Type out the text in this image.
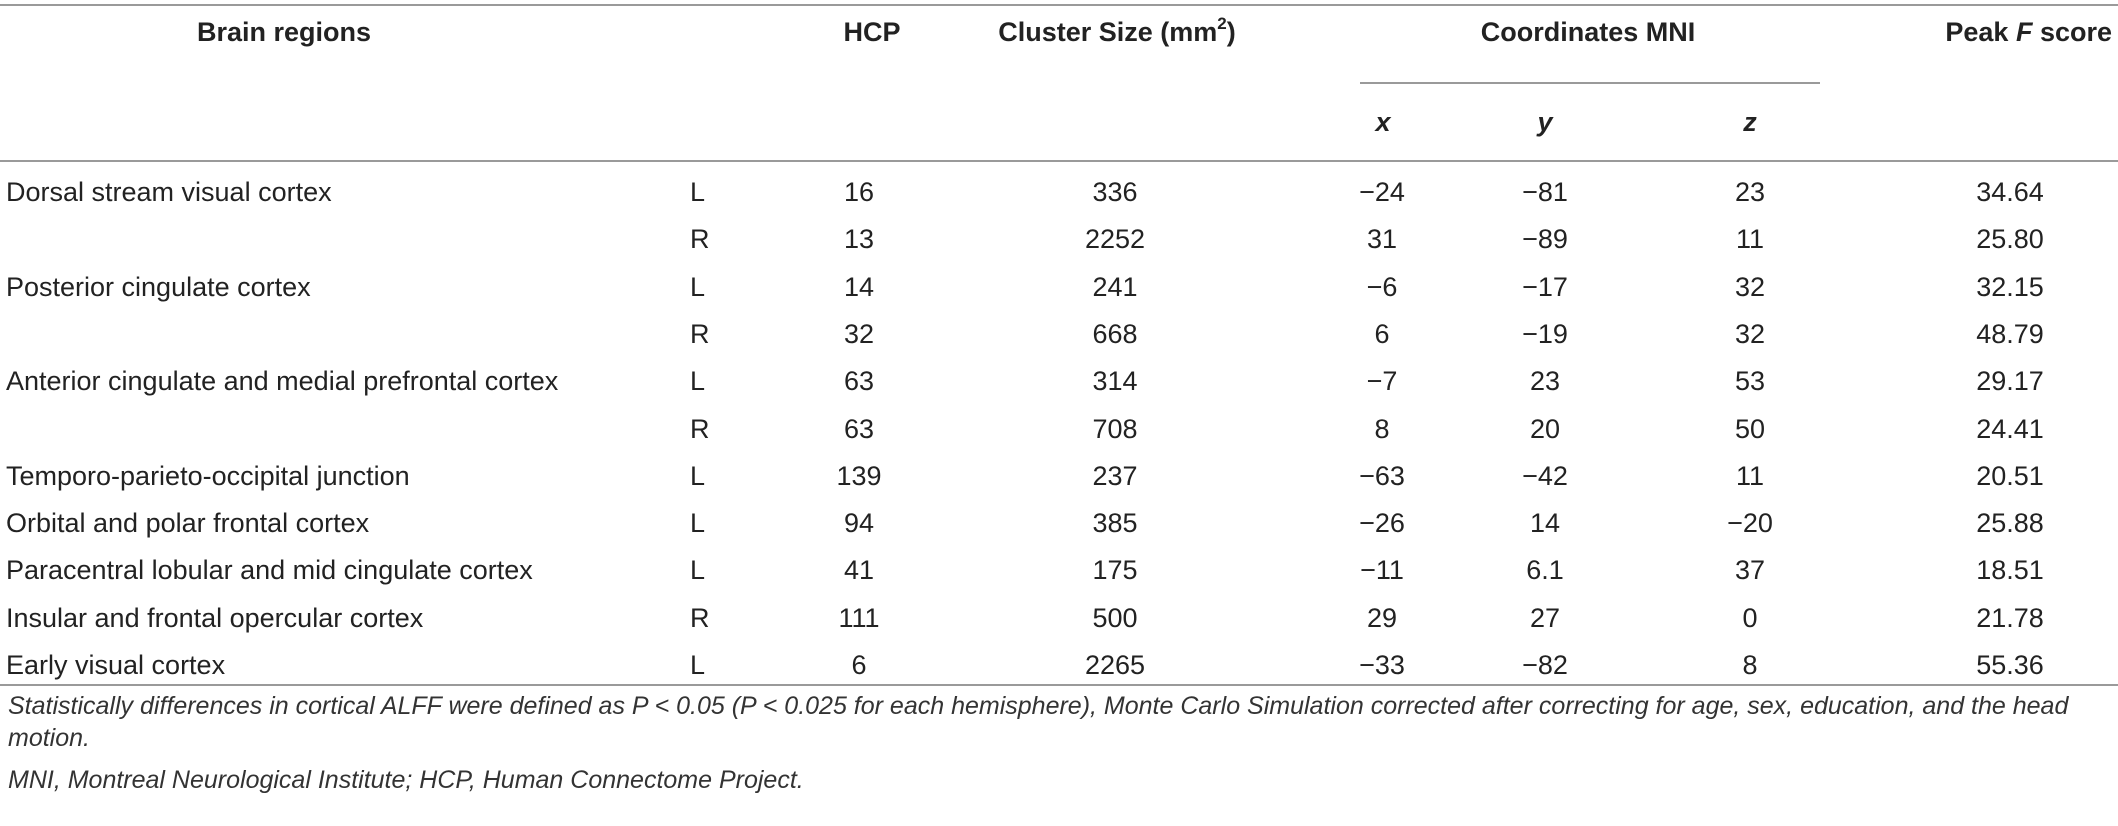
Brain regions	HCP	Cluster Size $(mm^2)$	Coordinates MNI	Peak F score
x	y	z
Dorsal stream visual cortex	L	16	336	−24	−81	23	34.64
R	13	2252	31	−89	11	25.80
Posterior cingulate cortex	L	14	241	−6	−17	32	32.15
R	32	668	6	−19	32	48.79
Anterior cingulate and medial prefrontal cortex	L	63	314	−7	23	53	29.17
R	63	708	8	20	50	24.41
Temporo-parieto-occipital junction	L	139	237	−63	−42	11	20.51
Orbital and polar frontal cortex	L	94	385	−26	14	−20	25.88
Paracentral lobular and mid cingulate cortex	L	41	175	−11	6.1	37	18.51
Insular and frontal opercular cortex	R	111	500	29	27	0	21.78
Early visual cortex	L	6	2265	−33	−82	8	55.36
Statistically differences in cortical ALFF were defined as P < 0.05 (P < 0.025 for each hemisphere), Monte Carlo Simulation corrected after correcting for age, sex, education, and the head motion.
MNI, Montreal Neurological Institute; HCP, Human Connectome Project.
